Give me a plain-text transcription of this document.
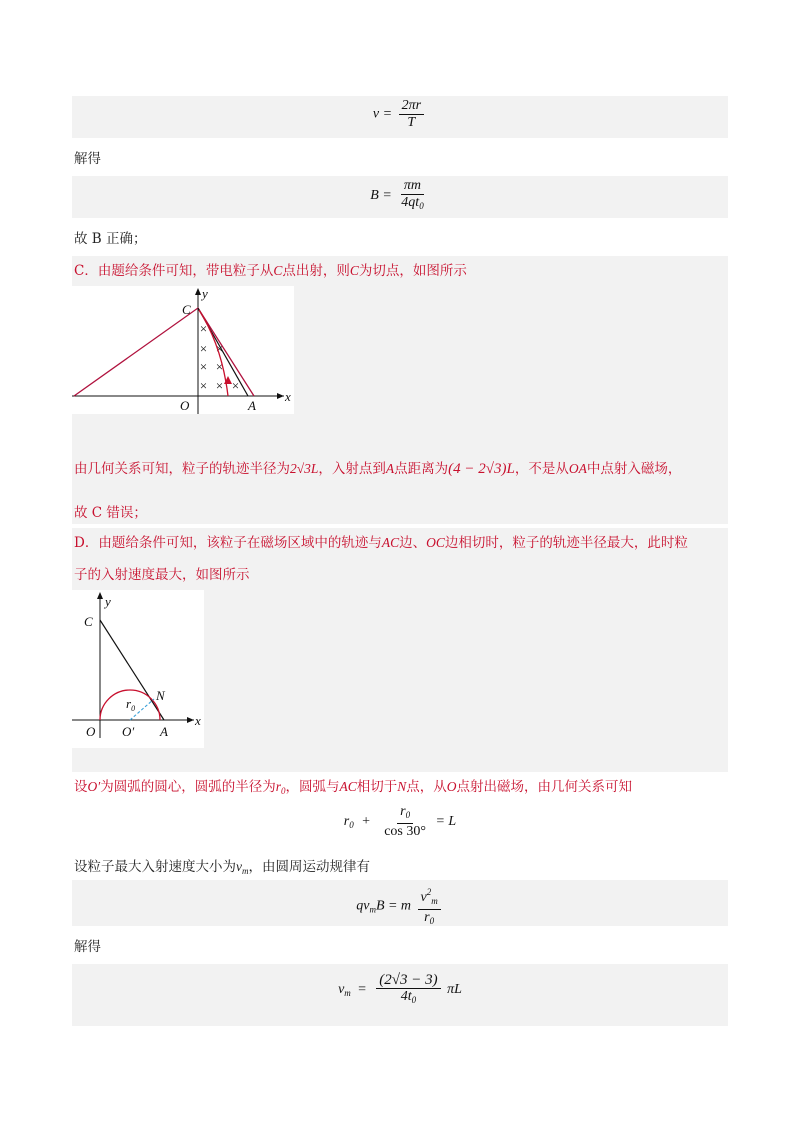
$v = \frac{2\pi r}{T}$
解得
$B = \frac{\pi m}{4qt_0}$
故 B 正确；
C．由题给条件可知，带电粒子从C点出射，则C为切点，如图所示
×
× ×
× ×
× × ×
y
C
O	A
x
由几何关系可知，粒子的轨迹半径为2√3L，入射点到A点距离为(4 − 2√3)L，不是从OA中点射入磁场，
故 C 错误；
D．由题给条件可知，该粒子在磁场区域中的轨迹与AC边、OC边相切时，粒子的轨迹半径最大，此时粒
子的入射速度最大，如图所示
y
C
N
$r_0$
O O′ A
x
设O′为圆弧的圆心，圆弧的半径为$r_0$，圆弧与AC相切于N点，从O点射出磁场，由几何关系可知
$r_0 + \frac{r_0}{\cos 30^\circ} = L$
设粒子最大入射速度大小为$v_m$，由圆周运动规律有
$qv_mB = m \frac{v^2_m}{r_0}$
解得
$v_m = \frac{(2√3 - 3)}{4t_0}$ πL
